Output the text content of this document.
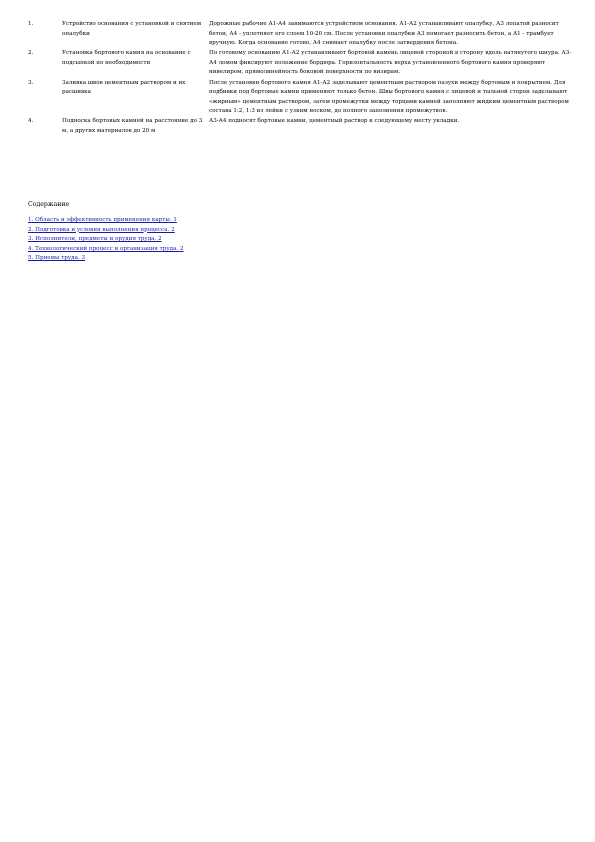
1.	Устройство основания с установкой и снятием опалубки	Дорожные рабочие А1-А4 занимаются устройством основания. А1-А2 устанавливают опалубку, А3 лопатой разносит бетон, А4 - уплотняет его слоем 10-20 см. После установки опалубки А3 помогает разносить бетон, а А1 - трамбует вручную. Когда основание готово, А4 снимает опалубку после затвердения бетона.
2.	Установка бортового камня на основание с подсыпкой по необходимости	По готовому основанию А1-А2 устанавливают бортовой камень лицевой стороной в сторону вдоль натянутого шнура. А3-А4 ломом фиксируют положение бордюра. Горизонтальность верха установленного бортового камня проверяют нивелиром, прямолинейность боковой поверхности по визирам.
3.	Заливка швов цементным раствором и их расшивка	После установки бортового камня А1-А2 заделывают цементным раствором пазухи между бортовым и покрытием. Для подбивки под бортовые камни применяют только бетон. Швы бортового камня с лицевой и тыльной сторон заделывают «жирным» цементным раствором, затем промежутки между торцами камней заполняют жидким цементным раствором состава 1:2, 1:3 из лейки с узким носком, до полного заполнения промежутков.
4.	Подноска бортовых камней на расстояние до 3 м, а других материалов до 20 м	А3-А4 подносят бортовые камни, цементный раствор к следующему месту укладки.
Содержание
1. Область и эффективность применения карты. 1
2. Подготовка и условия выполнения процесса. 2
3. Исполнители, предметы и орудия труда. 2
4. Технологический процесс и организация труда. 2
5. Приемы труда. 3
